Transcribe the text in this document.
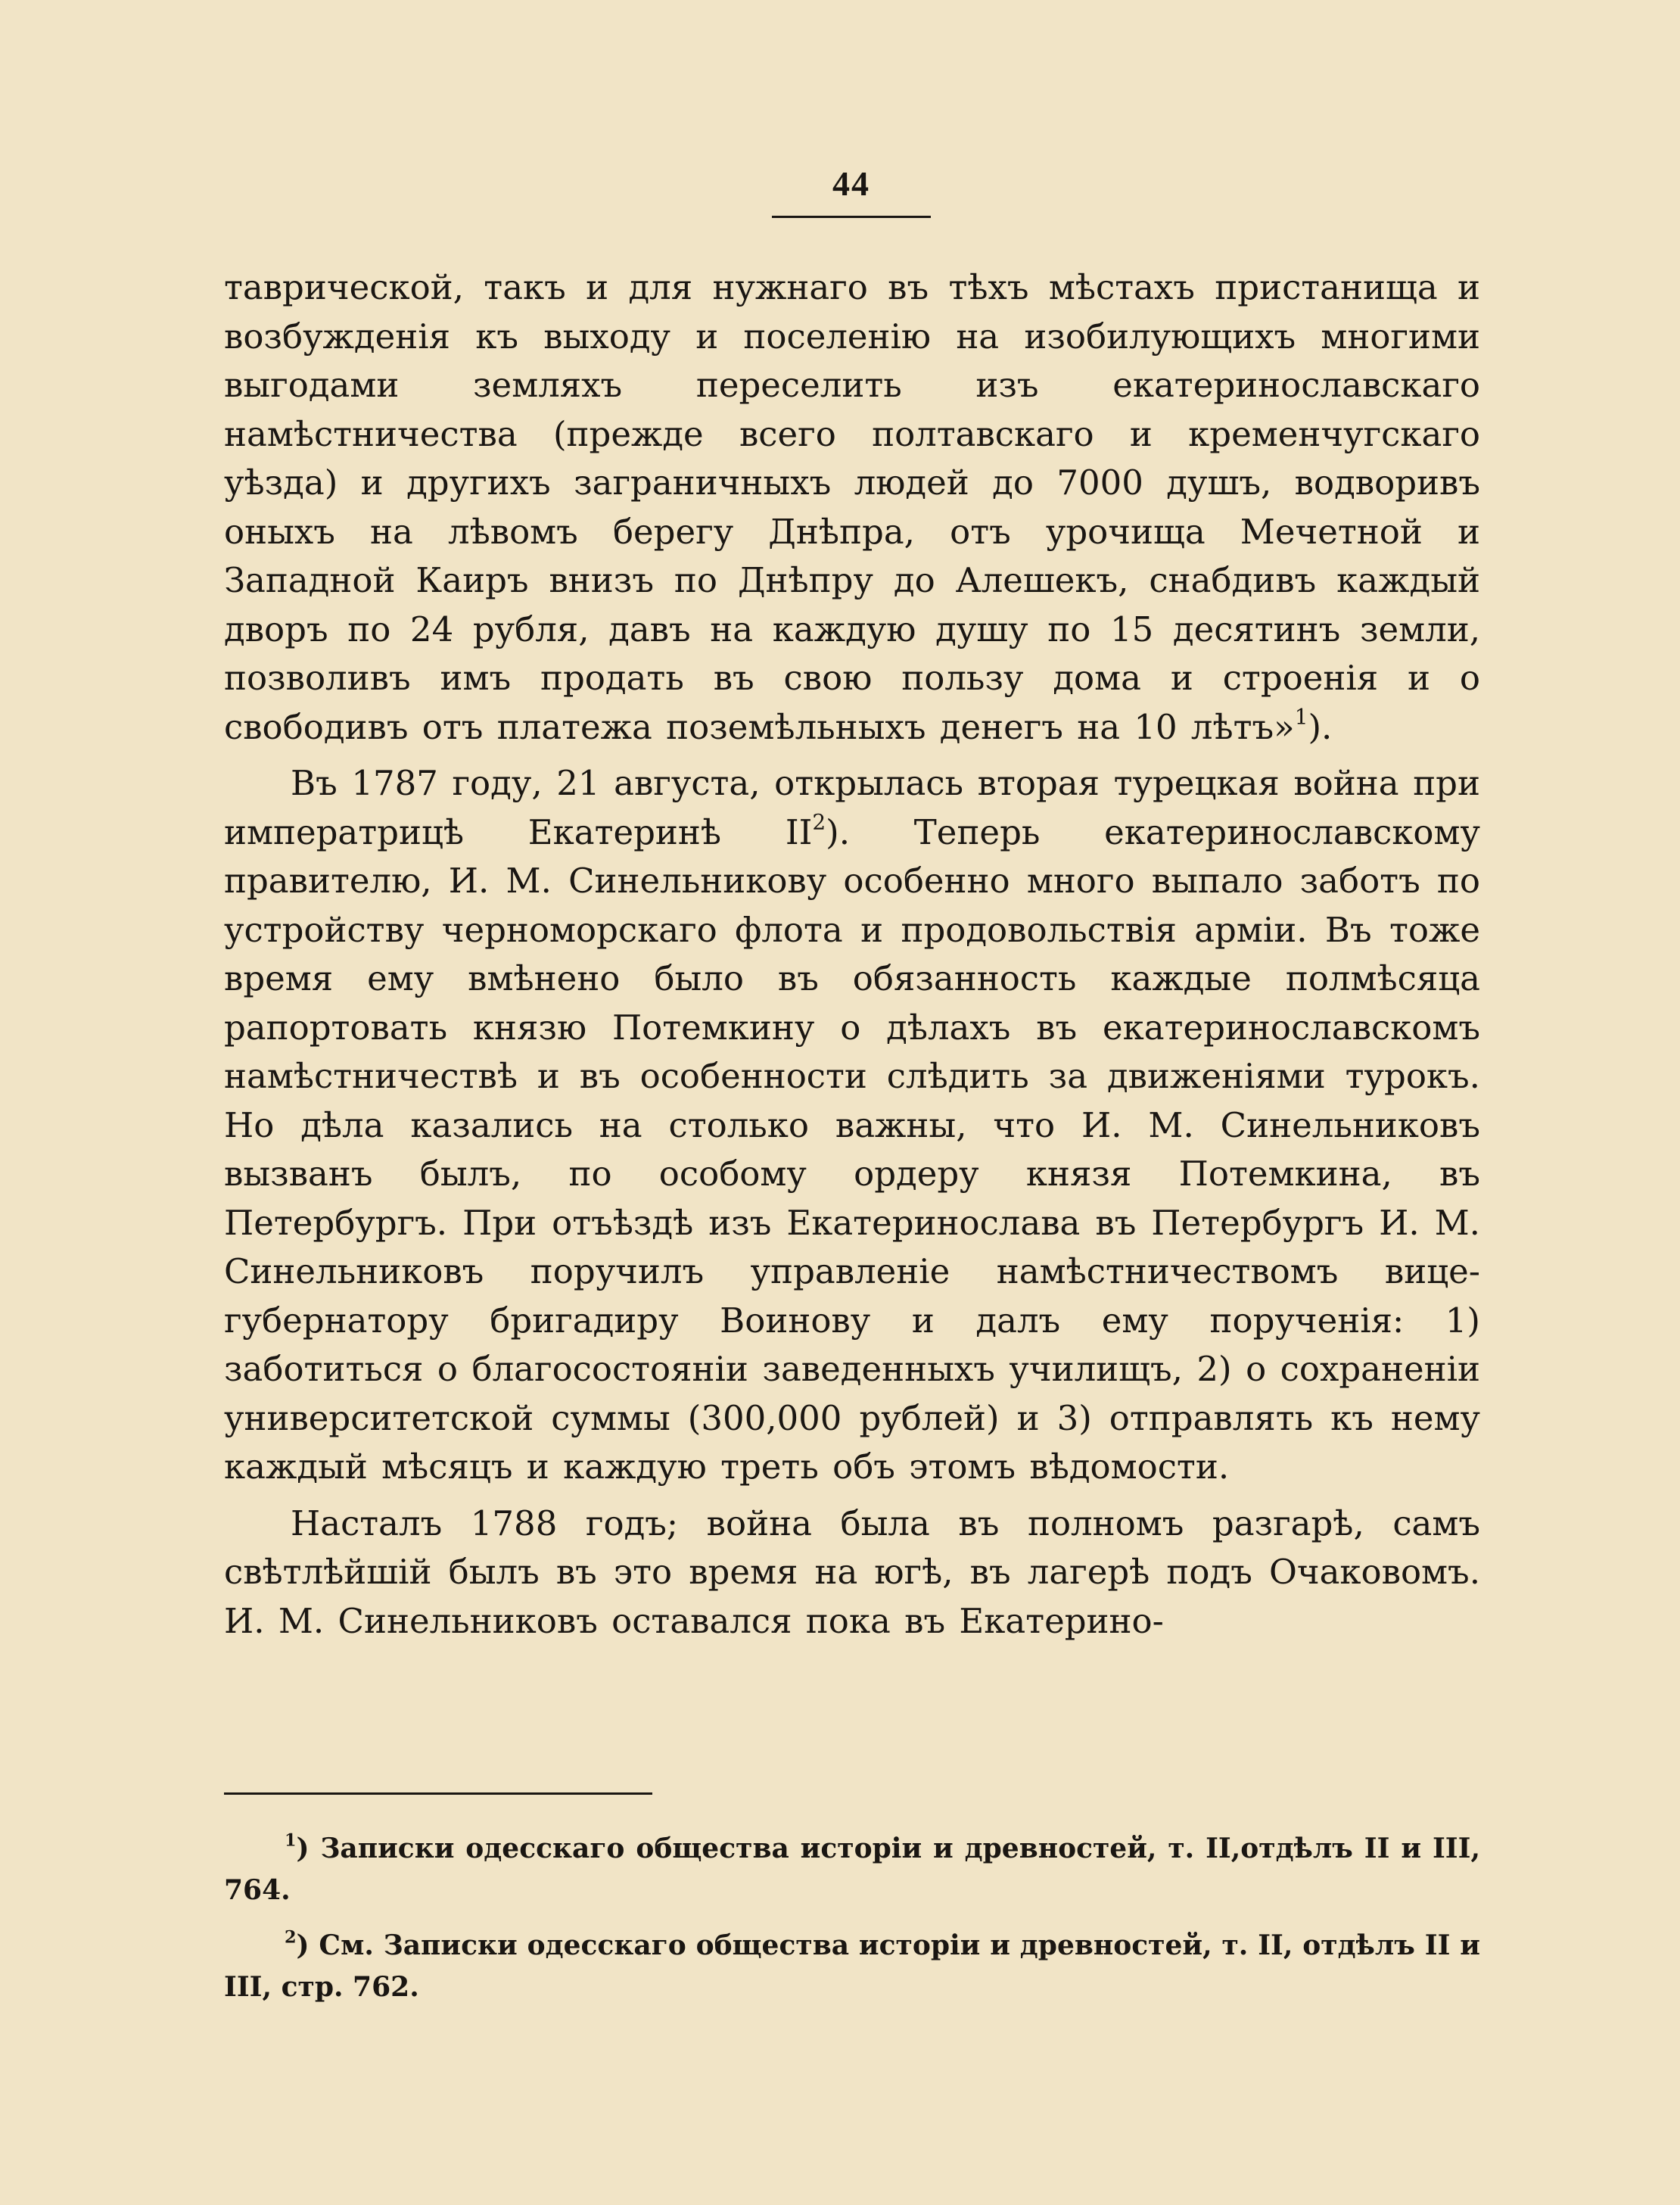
44

таврической, такъ и для нужнаго въ тѣхъ мѣстахъ пристанища и возбужденія къ выходу и поселенію на изобилующихъ многими выгодами земляхъ переселить изъ екатеринославскаго намѣстничества (прежде всего полтавскаго и кременчугскаго уѣзда) и другихъ заграничныхъ людей до 7000 душъ, водворивъ оныхъ на лѣвомъ берегу Днѣпра, отъ урочища Мечетной и Западной Каиръ внизъ по Днѣпру до Алешекъ, снабдивъ каждый дворъ по 24 рубля, давъ на каждую душу по 15 десятинъ земли, позволивъ имъ продать въ свою пользу дома и строенія и о свободивъ отъ платежа поземѣльныхъ денегъ на 10 лѣтъ»$^1$).

Въ 1787 году, 21 августа, открылась вторая турецкая война при императрицѣ Екатеринѣ $II^2$). Теперь екатеринославскому правителю, И. М. Синельникову особенно много выпало заботъ по устройству черноморскаго флота и продовольствія арміи. Въ тоже время ему вмѣнено было въ обязанность каждые полмѣсяца рапортовать князю Потемкину о дѣлахъ въ екатеринославскомъ намѣстничествѣ и въ особенности слѣдить за движеніями турокъ. Но дѣла казались на столько важны, что И. М. Синельниковъ вызванъ былъ, по особому ордеру князя Потемкина, въ Петербургъ. При отъѣздѣ изъ Екатеринослава въ Петербургъ И. М. Синельниковъ поручилъ управленіе намѣстничествомъ вице-губернатору бригадиру Воинову и далъ ему порученія: 1) заботиться о благосостояніи заведенныхъ училищъ, 2) о сохраненіи университетской суммы (300,000 рублей) и 3) отправлять къ нему каждый мѣсяцъ и каждую треть объ этомъ вѣдомости.

Насталъ 1788 годъ; война была въ полномъ разгарѣ, самъ свѣтлѣйшій былъ въ это время на югѣ, въ лагерѣ подъ Очаковомъ. И. М. Синельниковъ оставался пока въ Екатерино-

$^1$) Записки одесскаго общества исторіи и древностей, т. II,отдѣлъ II и III, 764.

$^2$) См. Записки одесскаго общества исторіи и древностей, т. II, отдѣлъ II и III, стр. 762.
